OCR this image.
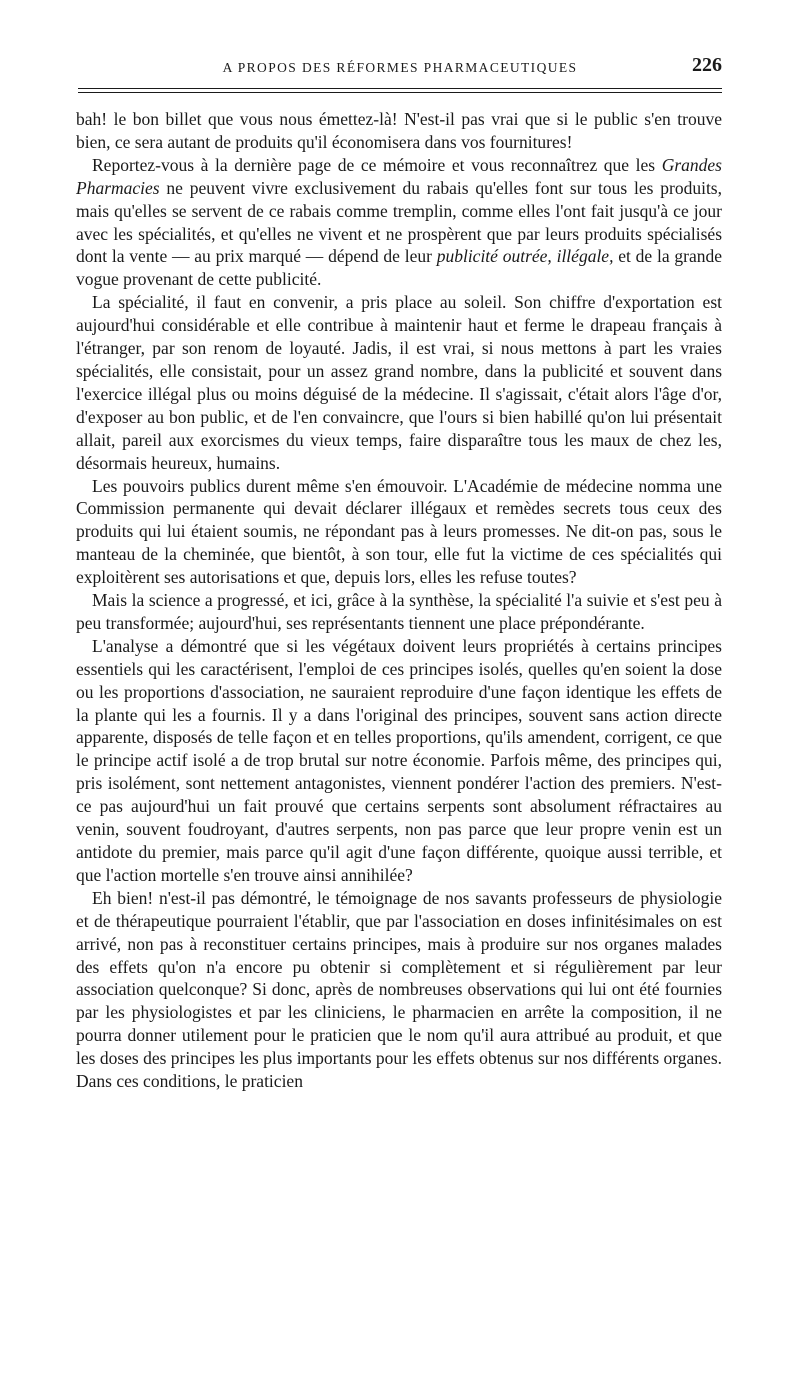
A PROPOS DES RÉFORMES PHARMACEUTIQUES	226

bah! le bon billet que vous nous émettez-là! N'est-il pas vrai que si le public s'en trouve bien, ce sera autant de produits qu'il économisera dans vos fournitures!

Reportez-vous à la dernière page de ce mémoire et vous reconnaîtrez que les Grandes Pharmacies ne peuvent vivre exclusivement du rabais qu'elles font sur tous les produits, mais qu'elles se servent de ce rabais comme tremplin, comme elles l'ont fait jusqu'à ce jour avec les spécialités, et qu'elles ne vivent et ne prospèrent que par leurs produits spécialisés dont la vente — au prix marqué — dépend de leur publicité outrée, illégale, et de la grande vogue provenant de cette publicité.

La spécialité, il faut en convenir, a pris place au soleil. Son chiffre d'exportation est aujourd'hui considérable et elle contribue à maintenir haut et ferme le drapeau français à l'étranger, par son renom de loyauté. Jadis, il est vrai, si nous mettons à part les vraies spécialités, elle consistait, pour un assez grand nombre, dans la publicité et souvent dans l'exercice illégal plus ou moins déguisé de la médecine. Il s'agissait, c'était alors l'âge d'or, d'exposer au bon public, et de l'en convaincre, que l'ours si bien habillé qu'on lui présentait allait, pareil aux exorcismes du vieux temps, faire disparaître tous les maux de chez les, désormais heureux, humains.

Les pouvoirs publics durent même s'en émouvoir. L'Académie de médecine nomma une Commission permanente qui devait déclarer illégaux et remèdes secrets tous ceux des produits qui lui étaient soumis, ne répondant pas à leurs promesses. Ne dit-on pas, sous le manteau de la cheminée, que bientôt, à son tour, elle fut la victime de ces spécialités qui exploitèrent ses autorisations et que, depuis lors, elles les refuse toutes?

Mais la science a progressé, et ici, grâce à la synthèse, la spécialité l'a suivie et s'est peu à peu transformée; aujourd'hui, ses représentants tiennent une place prépondérante.

L'analyse a démontré que si les végétaux doivent leurs propriétés à certains principes essentiels qui les caractérisent, l'emploi de ces principes isolés, quelles qu'en soient la dose ou les proportions d'association, ne sauraient reproduire d'une façon identique les effets de la plante qui les a fournis. Il y a dans l'original des principes, souvent sans action directe apparente, disposés de telle façon et en telles proportions, qu'ils amendent, corrigent, ce que le principe actif isolé a de trop brutal sur notre économie. Parfois même, des principes qui, pris isolément, sont nettement antagonistes, viennent pondérer l'action des premiers. N'est-ce pas aujourd'hui un fait prouvé que certains serpents sont absolument réfractaires au venin, souvent foudroyant, d'autres serpents, non pas parce que leur propre venin est un antidote du premier, mais parce qu'il agit d'une façon différente, quoique aussi terrible, et que l'action mortelle s'en trouve ainsi annihilée?

Eh bien! n'est-il pas démontré, le témoignage de nos savants professeurs de physiologie et de thérapeutique pourraient l'établir, que par l'association en doses infinitésimales on est arrivé, non pas à reconstituer certains principes, mais à produire sur nos organes malades des effets qu'on n'a encore pu obtenir si complètement et si régulièrement par leur association quelconque? Si donc, après de nombreuses observations qui lui ont été fournies par les physiologistes et par les cliniciens, le pharmacien en arrête la composition, il ne pourra donner utilement pour le praticien que le nom qu'il aura attribué au produit, et que les doses des principes les plus importants pour les effets obtenus sur nos différents organes. Dans ces conditions, le praticien
